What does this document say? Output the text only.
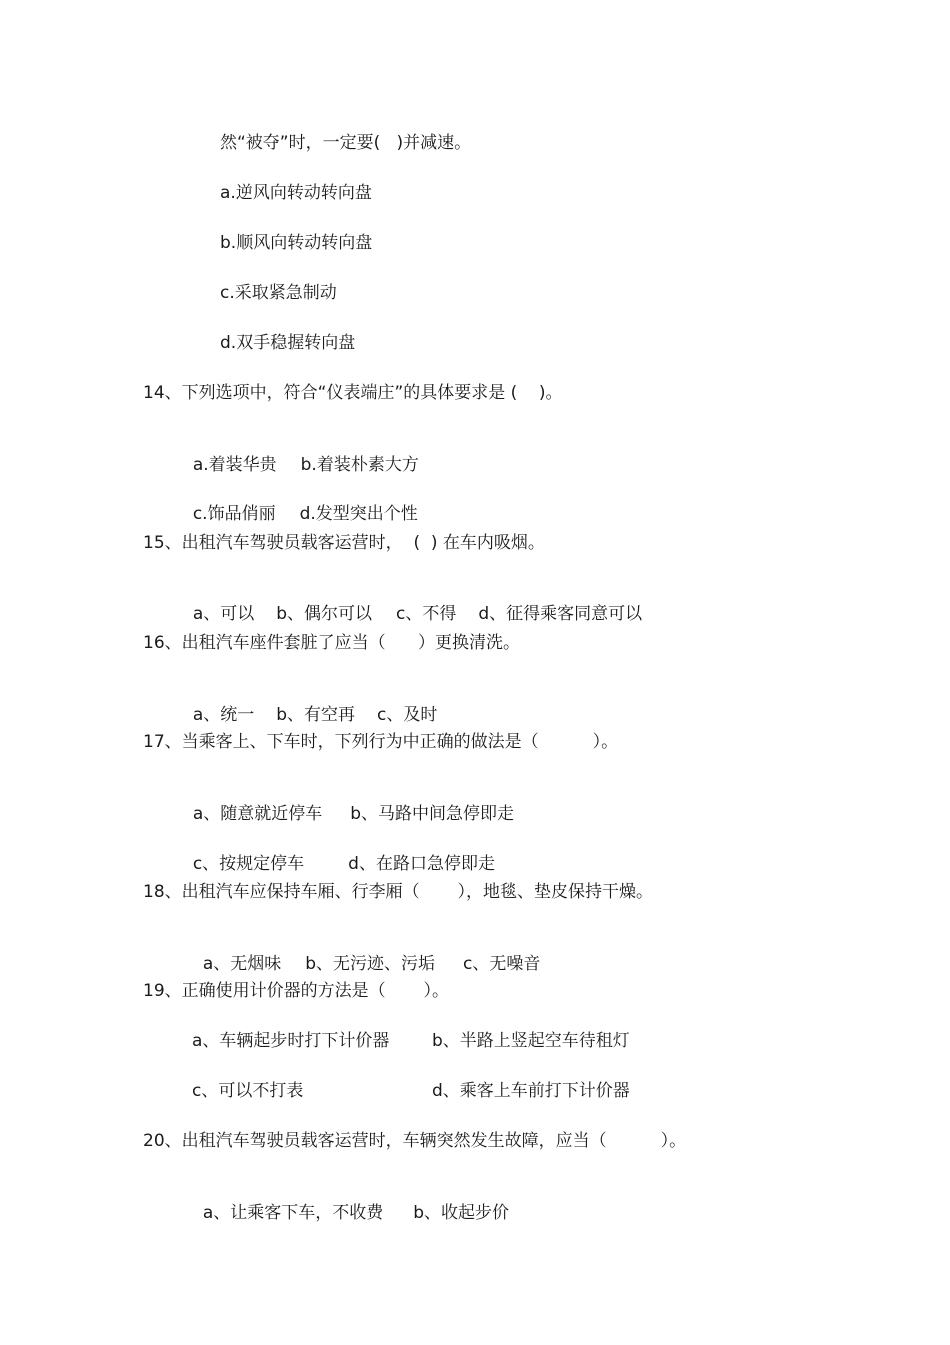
然“被夺”时，一定要(   )并减速。
a.逆风向转动转向盘
b.顺风向转动转向盘
c.采取紧急制动
d.双手稳握转向盘
14、下列选项中，符合“仪表端庄”的具体要求是 (    )。

a.着装华贵 b.着装朴素大方

c.饰品俏丽 d.发型突出个性

15、出租汽车驾驶员载客运营时，  (  ) 在车内吸烟。

a、可以 b、偶尔可以 c、不得 d、征得乘客同意可以

16、出租汽车座件套脏了应当（      ）更换清洗。

a、统一 b、有空再 c、及时

17、当乘客上、下车时，下列行为中正确的做法是（          ）。

a、随意就近停车 b、马路中间急停即走

c、按规定停车	d、在路口急停即走

18、出租汽车应保持车厢、行李厢（       ），地毯、垫皮保持干燥。

a、无烟味 b、无污迹、污垢 c、无噪音

19、正确使用计价器的方法是（       ）。
a、车辆起步时打下计价器	b、半路上竖起空车待租灯
c、可以不打表	d、乘客上车前打下计价器
20、出租汽车驾驶员载客运营时，车辆突然发生故障，应当（          ）。

a、让乘客下车，不收费 b、收起步价
